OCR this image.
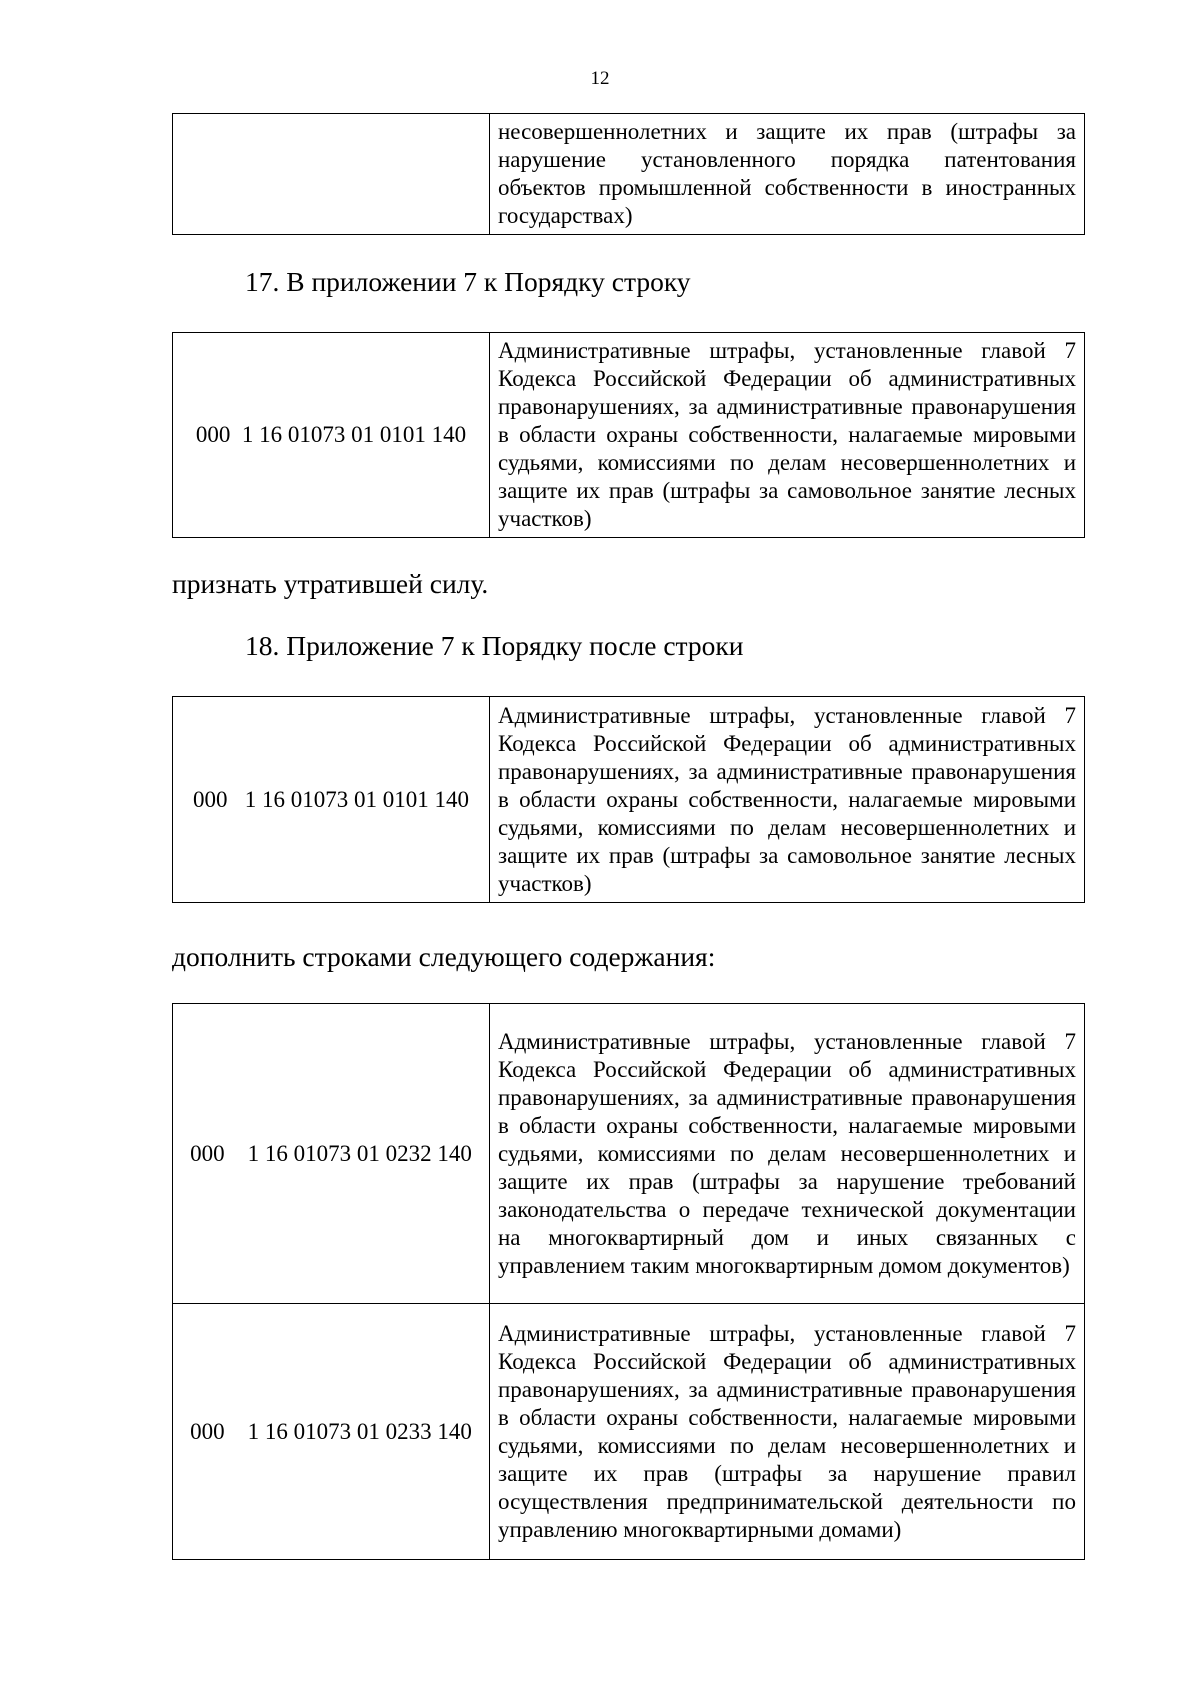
12
	несовершеннолетних и защите их прав (штрафы за нарушение установленного порядка патентования объектов промышленной собственности в иностранных государствах)
17. В приложении 7 к Порядку строку
000  1 16 01073 01 0101 140	Административные штрафы, установленные главой 7 Кодекса Российской Федерации об административных правонарушениях, за административные правонарушения в области охраны собственности, налагаемые мировыми судьями, комиссиями по делам несовершеннолетних и защите их прав (штрафы за самовольное занятие лесных участков)
признать утратившей силу.
18. Приложение 7 к Порядку после строки
000   1 16 01073 01 0101 140	Административные штрафы, установленные главой 7 Кодекса Российской Федерации об административных правонарушениях, за административные правонарушения в области охраны собственности, налагаемые мировыми судьями, комиссиями по делам несовершеннолетних и защите их прав (штрафы за самовольное занятие лесных участков)
дополнить строками следующего содержания:
000    1 16 01073 01 0232 140	Административные штрафы, установленные главой 7 Кодекса Российской Федерации об административных правонарушениях, за административные правонарушения в области охраны собственности, налагаемые мировыми судьями, комиссиями по делам несовершеннолетних и защите их прав (штрафы за нарушение требований законодательства о передаче технической документации на многоквартирный дом и иных связанных с управлением таким многоквартирным домом документов)
000    1 16 01073 01 0233 140	Административные штрафы, установленные главой 7 Кодекса Российской Федерации об административных правонарушениях, за административные правонарушения в области охраны собственности, налагаемые мировыми судьями, комиссиями по делам несовершеннолетних и защите их прав (штрафы за нарушение правил осуществления предпринимательской деятельности по управлению многоквартирными домами)
